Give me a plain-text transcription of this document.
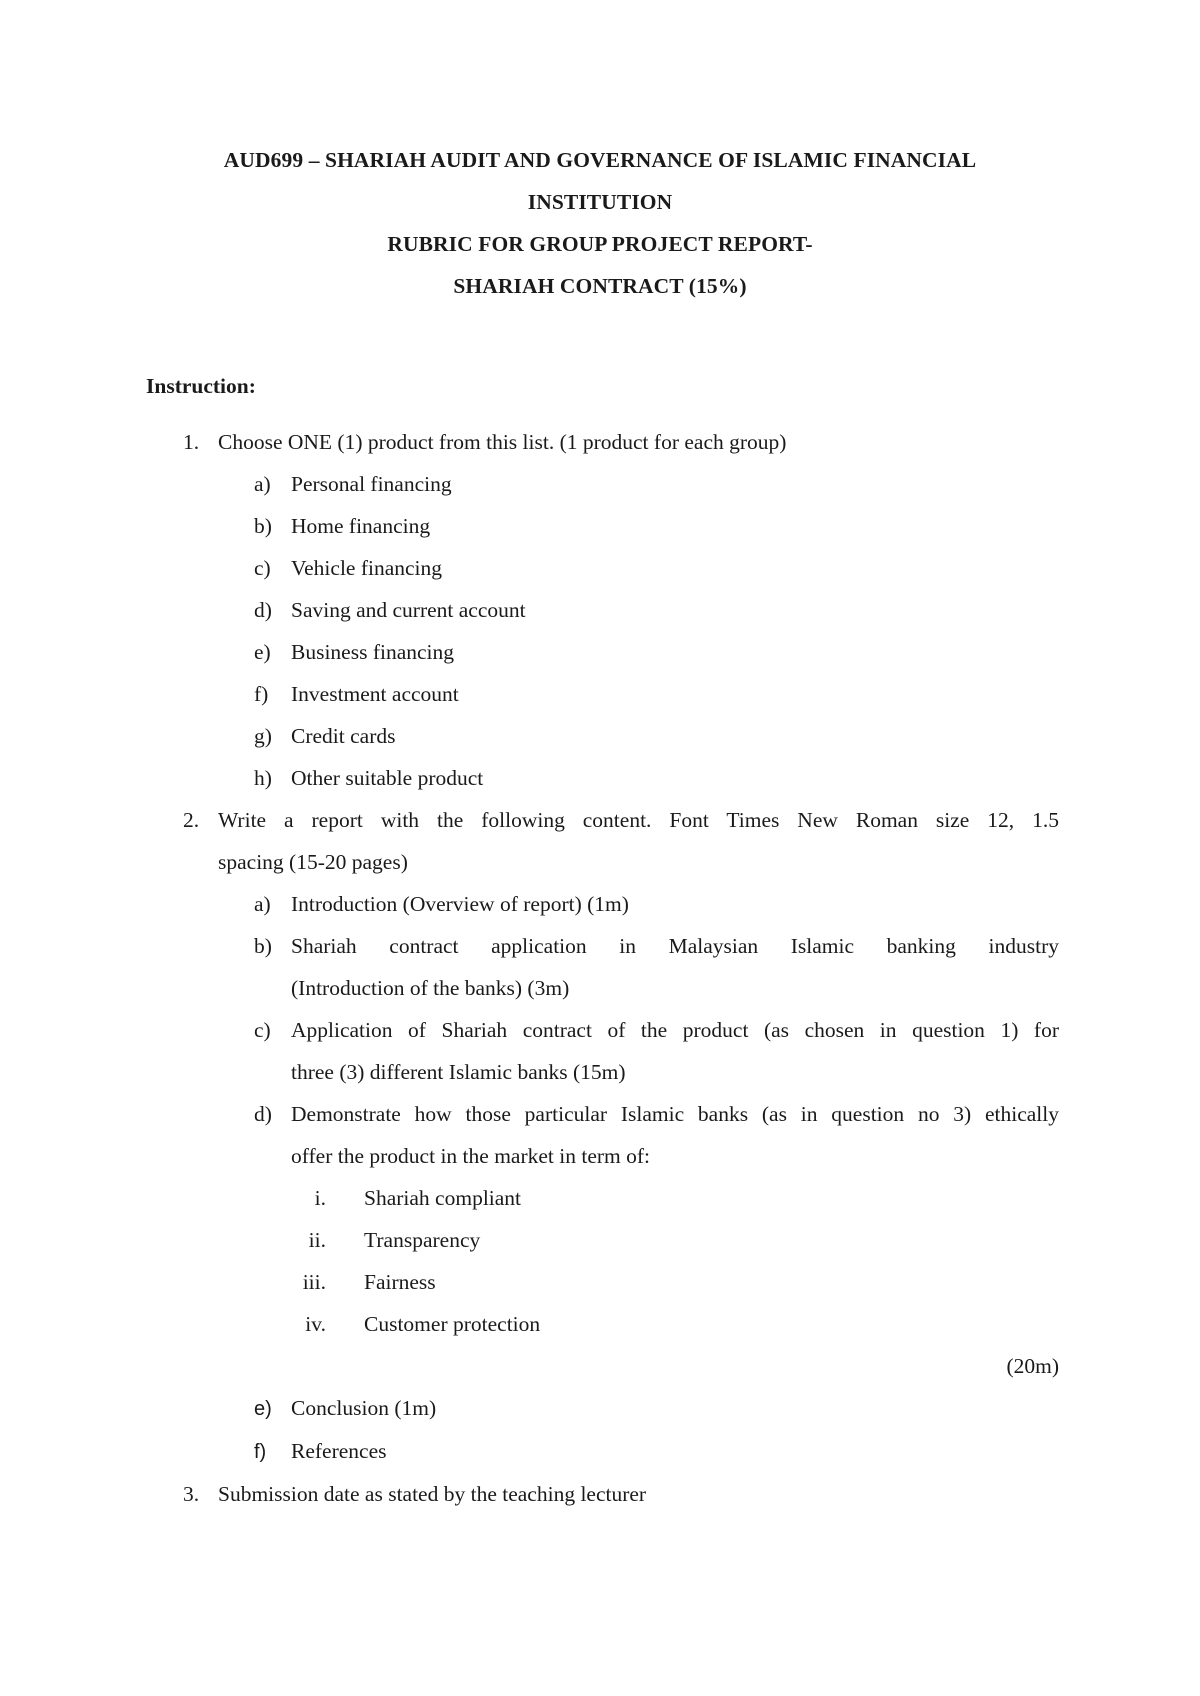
AUD699 – SHARIAH AUDIT AND GOVERNANCE OF ISLAMIC FINANCIAL
INSTITUTION
RUBRIC FOR GROUP PROJECT REPORT-
SHARIAH CONTRACT (15%)
Instruction:
1. Choose ONE (1) product from this list. (1 product for each group)
a) Personal financing
b) Home financing
c) Vehicle financing
d) Saving and current account
e) Business financing
f) Investment account
g) Credit cards
h) Other suitable product
2. Write a report with the following content. Font Times New Roman size 12, 1.5
spacing (15-20 pages)
a) Introduction (Overview of report) (1m)
b) Shariah contract application in Malaysian Islamic banking industry
(Introduction of the banks) (3m)
c) Application of Shariah contract of the product (as chosen in question 1) for
three (3) different Islamic banks (15m)
d) Demonstrate how those particular Islamic banks (as in question no 3) ethically
offer the product in the market in term of:
i. Shariah compliant
ii. Transparency
iii. Fairness
iv. Customer protection
(20m)
e) Conclusion (1m)
f) References
3. Submission date as stated by the teaching lecturer
